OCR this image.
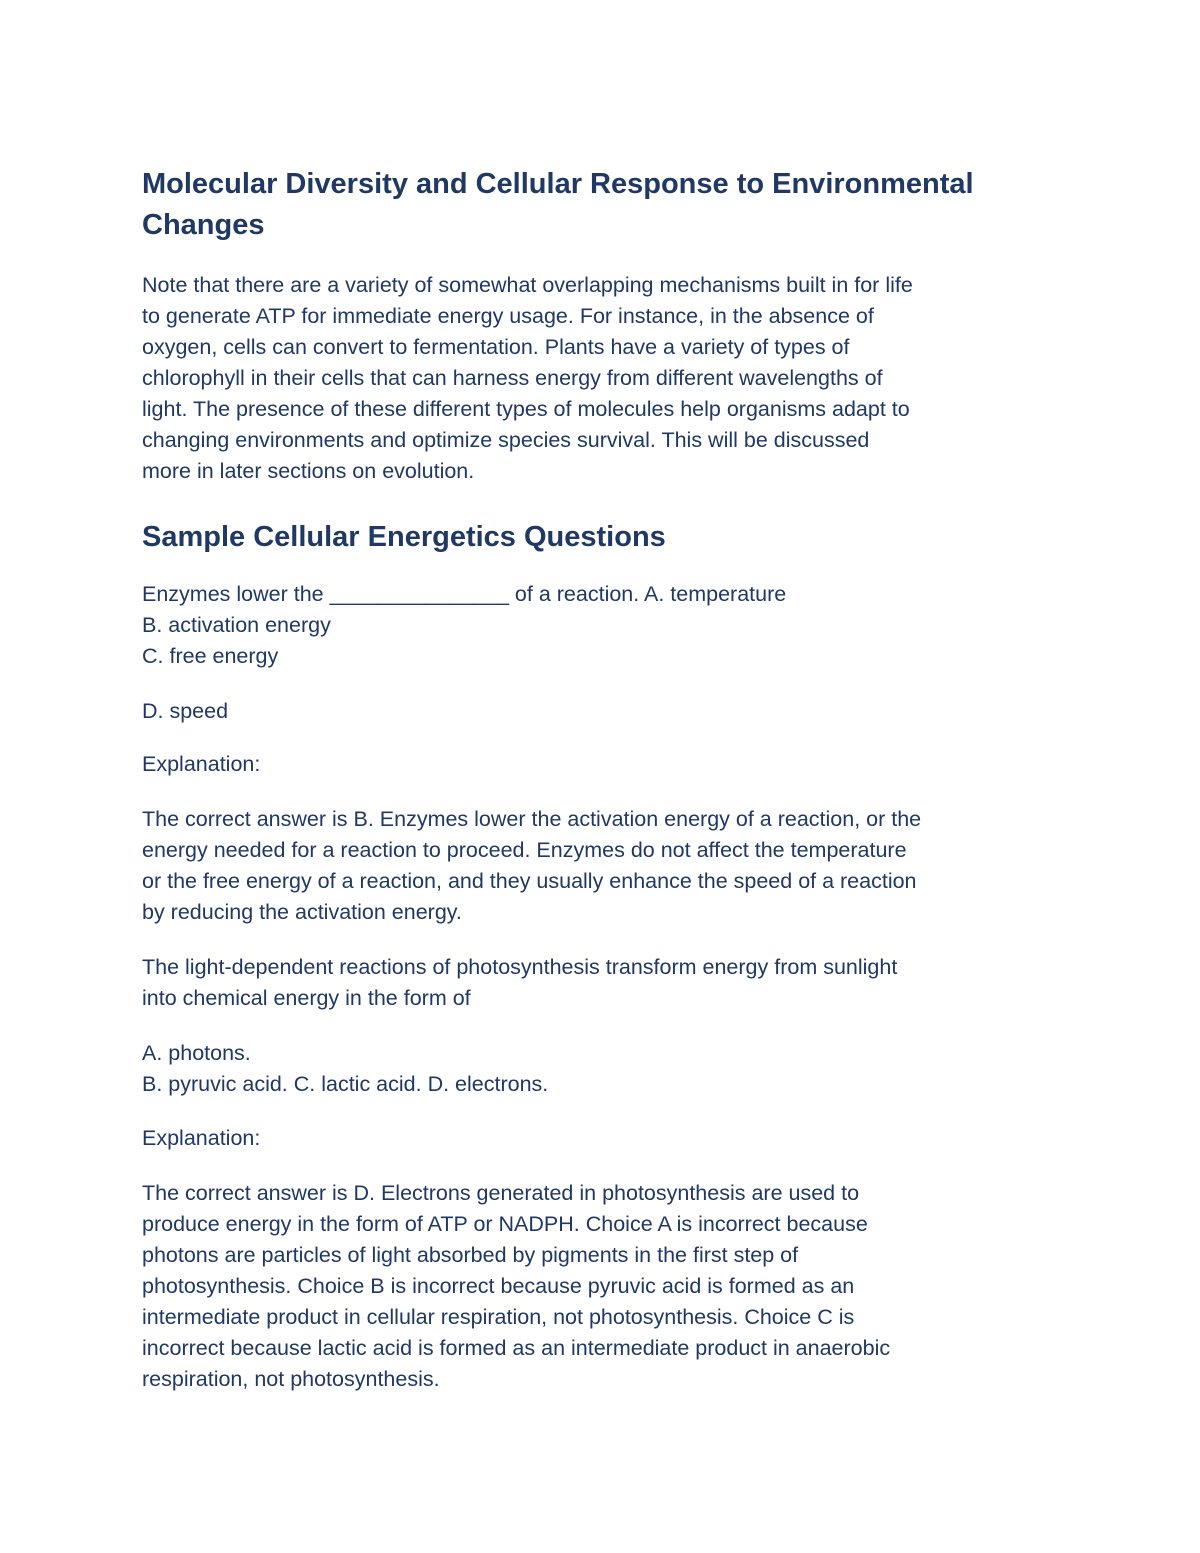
Molecular Diversity and Cellular Response to Environmental
Changes

Note that there are a variety of somewhat overlapping mechanisms built in for life
to generate ATP for immediate energy usage. For instance, in the absence of
oxygen, cells can convert to fermentation. Plants have a variety of types of
chlorophyll in their cells that can harness energy from different wavelengths of
light. The presence of these different types of molecules help organisms adapt to
changing environments and optimize species survival. This will be discussed
more in later sections on evolution.

Sample Cellular Energetics Questions

Enzymes lower the _______________ of a reaction. A. temperature
B. activation energy
C. free energy

D. speed

Explanation:

The correct answer is B. Enzymes lower the activation energy of a reaction, or the
energy needed for a reaction to proceed. Enzymes do not affect the temperature
or the free energy of a reaction, and they usually enhance the speed of a reaction
by reducing the activation energy.

The light-dependent reactions of photosynthesis transform energy from sunlight
into chemical energy in the form of

A. photons.
B. pyruvic acid. C. lactic acid. D. electrons.

Explanation:

The correct answer is D. Electrons generated in photosynthesis are used to
produce energy in the form of ATP or NADPH. Choice A is incorrect because
photons are particles of light absorbed by pigments in the first step of
photosynthesis. Choice B is incorrect because pyruvic acid is formed as an
intermediate product in cellular respiration, not photosynthesis. Choice C is
incorrect because lactic acid is formed as an intermediate product in anaerobic
respiration, not photosynthesis.
